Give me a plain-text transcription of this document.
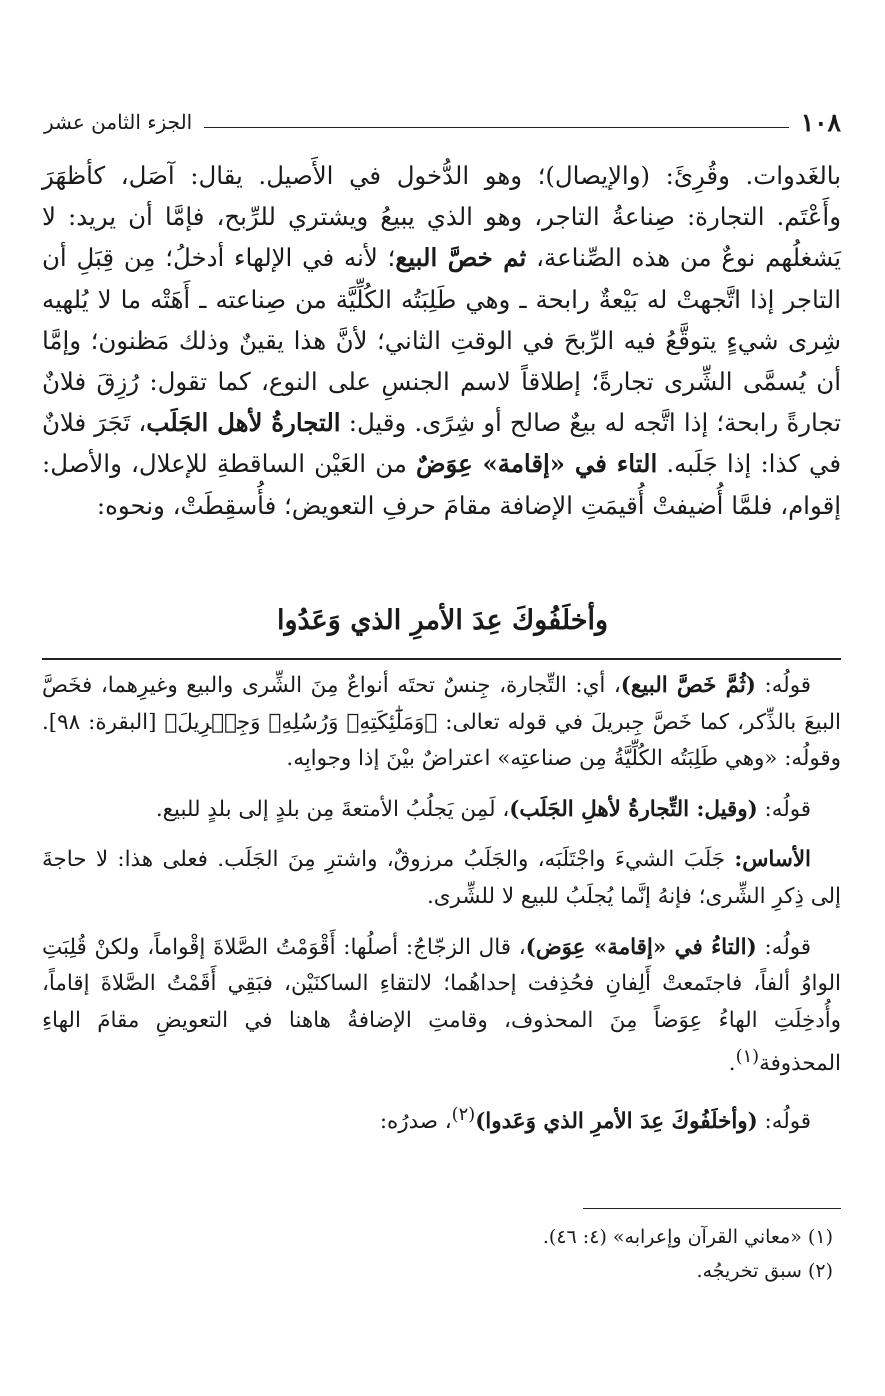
١٠٨
الجزء الثامن عشر

بالغَدوات. وقُرِئَ: (والإيصال)؛ وهو الدُّخول في الأَصيل. يقال: آصَل، كأظهَرَ وأَعْتَم. التجارة: صِناعةُ التاجر، وهو الذي يبيعُ ويشتري للرِّبح، فإمَّا أن يريد: لا يَشغلُهم نوعٌ من هذه الصِّناعة، ثم خصَّ البيع؛ لأنه في الإلهاء أدخلُ؛ مِن قِبَلِ أن التاجر إذا اتَّجهتْ له بَيْعةٌ رابحة ـ وهي طَلِبَتُه الكُلِّيَّة من صِناعته ـ أَهَتْه ما لا يُلهيه شِرى شيءٍ يتوقَّعُ فيه الرِّبحَ في الوقتِ الثاني؛ لأنَّ هذا يقينٌ وذلك مَظنون؛ وإمَّا أن يُسمَّى الشِّرى تجارةً؛ إطلاقاً لاسم الجنسِ على النوع، كما تقول: رُزِقَ فلانٌ تجارةً رابحة؛ إذا اتَّجه له بيعٌ صالح أو شِرًى. وقيل: التجارةُ لأهل الجَلَب، تَجَرَ فلانٌ في كذا: إذا جَلَبه. التاء في «إقامة» عِوَضٌ من العَيْن الساقطةِ للإعلال، والأصل: إقوام، فلمَّا أُضيفتْ أُقيمَتِ الإضافة مقامَ حرفِ التعويض؛ فأُسقِطَتْ، ونحوه:

وأخلَفُوكَ عِدَ الأمرِ الذي وَعَدُوا

قولُه: (ثُمَّ خَصَّ البيع)، أي: التِّجارة، جِنسٌ تحتَه أنواعٌ مِنَ الشِّرى والبيع وغيرِهما، فخَصَّ البيعَ بالذِّكر، كما خَصَّ جِبريلَ في قوله تعالى: ﴿وَمَلَٰٓئِكَتِهِۦ وَرُسُلِهِۦ وَجِبۡرِيلَ﴾ [البقرة: ٩٨]. وقولُه: «وهي طَلِبَتُه الكُلِّيَّةُ مِن صناعتِه» اعتراضٌ بيْنَ إذا وجوابِه.

قولُه: (وقيل: التِّجارةُ لأهلِ الجَلَب)، لَمِن يَجلُبُ الأمتعةَ مِن بلدٍ إلى بلدٍ للبيع.

الأساس: جَلَبَ الشيءَ واجْتَلَبَه، والجَلَبُ مرزوقٌ، واشترِ مِنَ الجَلَب. فعلى هذا: لا حاجةَ إلى ذِكرِ الشِّرى؛ فإنهُ إنَّما يُجلَبُ للبيع لا للشِّرى.

قولُه: (التاءُ في «إقامة» عِوَض)، قال الزجّاجُ: أصلُها: أَقْوَمْتُ الصَّلاةَ إقْواماً، ولكنْ قُلِبَتِ الواوُ ألفاً، فاجتَمعتْ أَلِفانِ فحُذِفت إحداهُما؛ لالتقاءِ الساكنَيْن، فبَقِي أَقَمْتُ الصَّلاةَ إقاماً، وأُدخِلَتِ الهاءُ عِوَضاً مِنَ المحذوف، وقامتِ الإضافةُ هاهنا في التعويضِ مقامَ الهاءِ المحذوفة$^{(١)}$.

قولُه: (وأخلَفُوكَ عِدَ الأمرِ الذي وَعَدوا)$^{(٢)}$، صدرُه:

(١) «معاني القرآن وإعرابه» (٤: ٤٦).
(٢) سبق تخريجُه.
